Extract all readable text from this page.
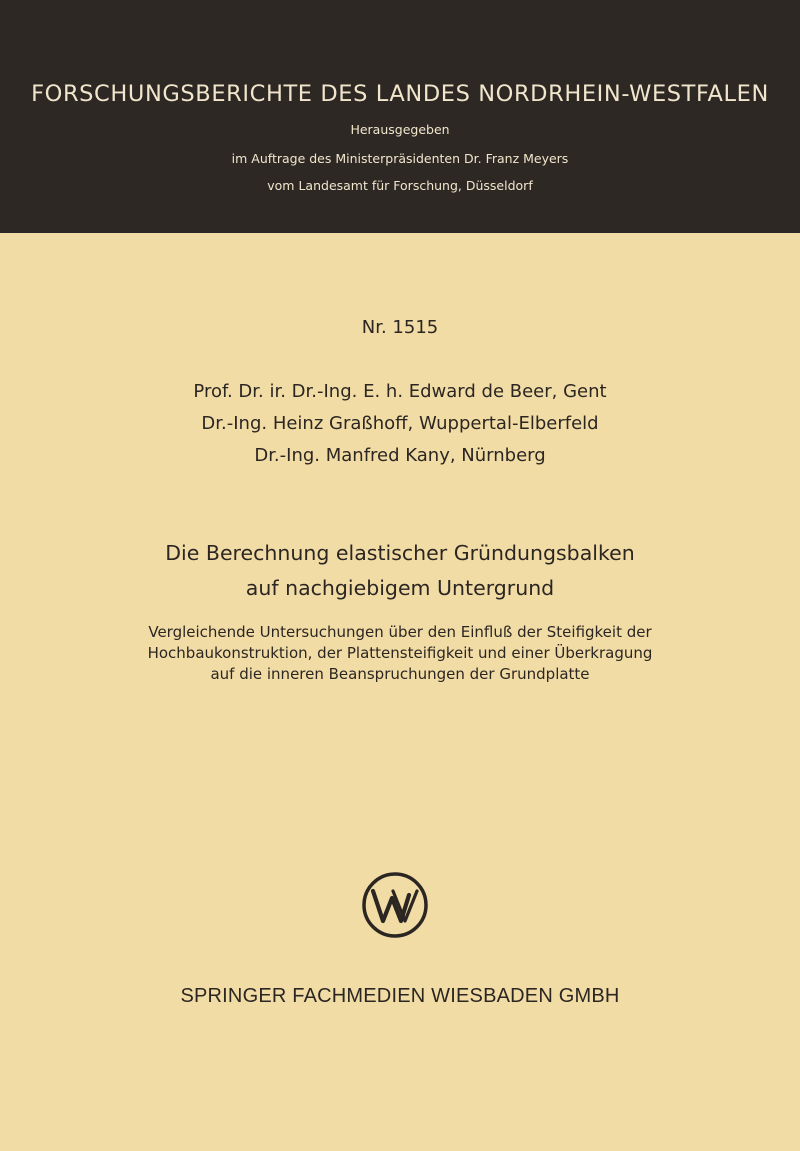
FORSCHUNGSBERICHTE DES LANDES NORDRHEIN-WESTFALEN
Herausgegeben
im Auftrage des Ministerpräsidenten Dr. Franz Meyers
vom Landesamt für Forschung, Düsseldorf
Nr. 1515
Prof. Dr. ir. Dr.-Ing. E. h. Edward de Beer, Gent
Dr.-Ing. Heinz Graßhoff, Wuppertal-Elberfeld
Dr.-Ing. Manfred Kany, Nürnberg
Die Berechnung elastischer Gründungsbalken
auf nachgiebigem Untergrund
Vergleichende Untersuchungen über den Einfluß der Steifigkeit der
Hochbaukonstruktion, der Plattensteifigkeit und einer Überkragung
auf die inneren Beanspruchungen der Grundplatte
SPRINGER FACHMEDIEN WIESBADEN GMBH
